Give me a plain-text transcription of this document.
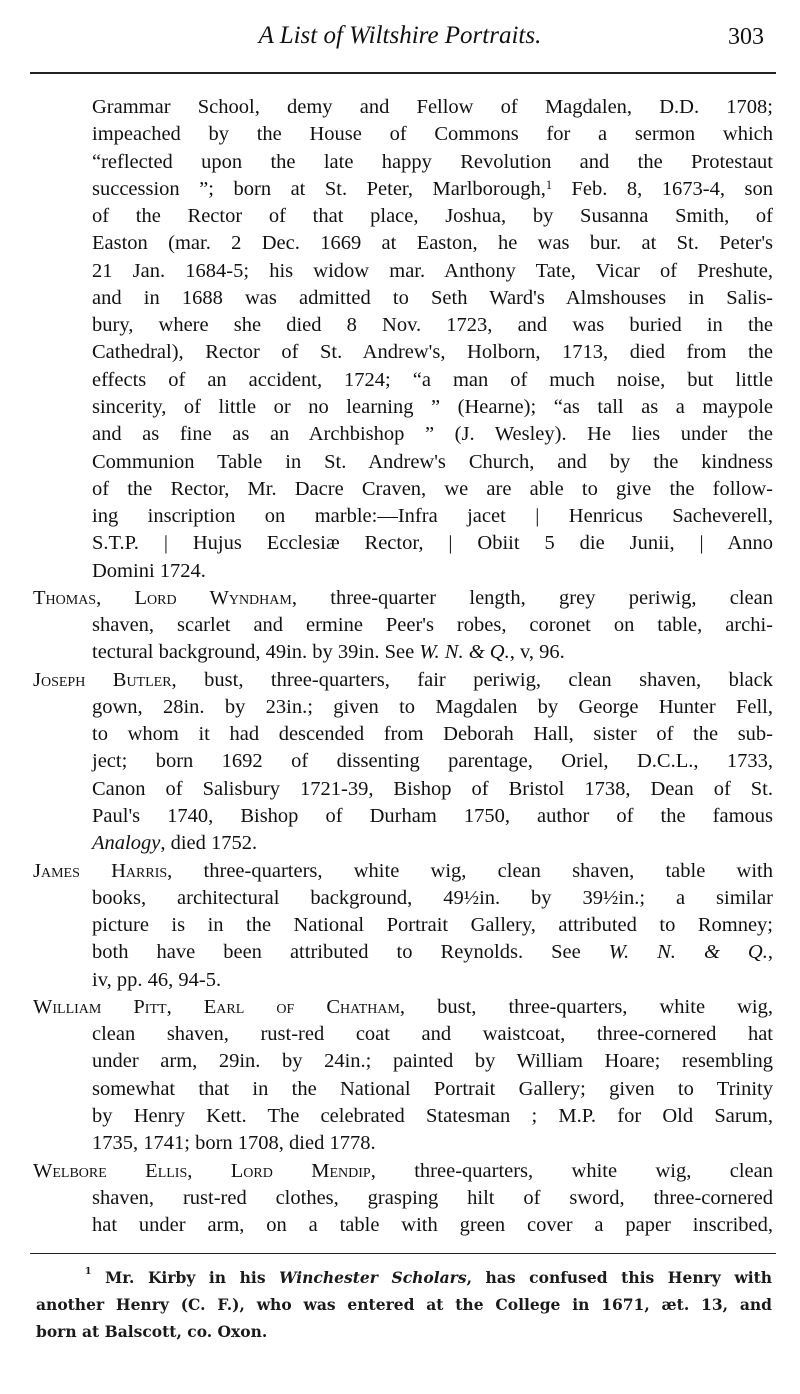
A List of Wiltshire Portraits.	303
Grammar School, demy and Fellow of Magdalen, D.D. 1708;
impeached by the House of Commons for a sermon which
“reflected upon the late happy Revolution and the Protestaut
succession ”; born at St. Peter, Marlborough,$^1$ Feb. 8, 1673-4, son
of the Rector of that place, Joshua, by Susanna Smith, of
Easton (mar. 2 Dec. 1669 at Easton, he was bur. at St. Peter's
21 Jan. 1684-5; his widow mar. Anthony Tate, Vicar of Preshute,
and in 1688 was admitted to Seth Ward's Almshouses in Salis-
bury, where she died 8 Nov. 1723, and was buried in the
Cathedral), Rector of St. Andrew's, Holborn, 1713, died from the
effects of an accident, 1724; “a man of much noise, but little
sincerity, of little or no learning ” (Hearne); “as tall as a maypole
and as fine as an Archbishop ” (J. Wesley). He lies under the
Communion Table in St. Andrew's Church, and by the kindness
of the Rector, Mr. Dacre Craven, we are able to give the follow-
ing inscription on marble:—Infra jacet | Henricus Sacheverell,
S.T.P. | Hujus Ecclesiæ Rector, | Obiit 5 die Junii, | Anno
Domini 1724.
Thomas, Lord Wyndham, three-quarter length, grey periwig, clean
shaven, scarlet and ermine Peer's robes, coronet on table, archi-
tectural background, 49in. by 39in. See W. N. & Q., v, 96.
Joseph Butler, bust, three-quarters, fair periwig, clean shaven, black
gown, 28in. by 23in.; given to Magdalen by George Hunter Fell,
to whom it had descended from Deborah Hall, sister of the sub-
ject; born 1692 of dissenting parentage, Oriel, D.C.L., 1733,
Canon of Salisbury 1721-39, Bishop of Bristol 1738, Dean of St.
Paul's 1740, Bishop of Durham 1750, author of the famous
Analogy, died 1752.
James Harris, three-quarters, white wig, clean shaven, table with
books, architectural background, 49½in. by 39½in.; a similar
picture is in the National Portrait Gallery, attributed to Romney;
both have been attributed to Reynolds. See W. N. & Q.,
iv, pp. 46, 94-5.
William Pitt, Earl of Chatham, bust, three-quarters, white wig,
clean shaven, rust-red coat and waistcoat, three-cornered hat
under arm, 29in. by 24in.; painted by William Hoare; resembling
somewhat that in the National Portrait Gallery; given to Trinity
by Henry Kett. The celebrated Statesman ; M.P. for Old Sarum,
1735, 1741; born 1708, died 1778.
Welbore Ellis, Lord Mendip, three-quarters, white wig, clean
shaven, rust-red clothes, grasping hilt of sword, three-cornered
hat under arm, on a table with green cover a paper inscribed,
$^1$ Mr. Kirby in his Winchester Scholars, has confused this Henry with
another Henry (C. F.), who was entered at the College in 1671, æt. 13, and
born at Balscott, co. Oxon.
